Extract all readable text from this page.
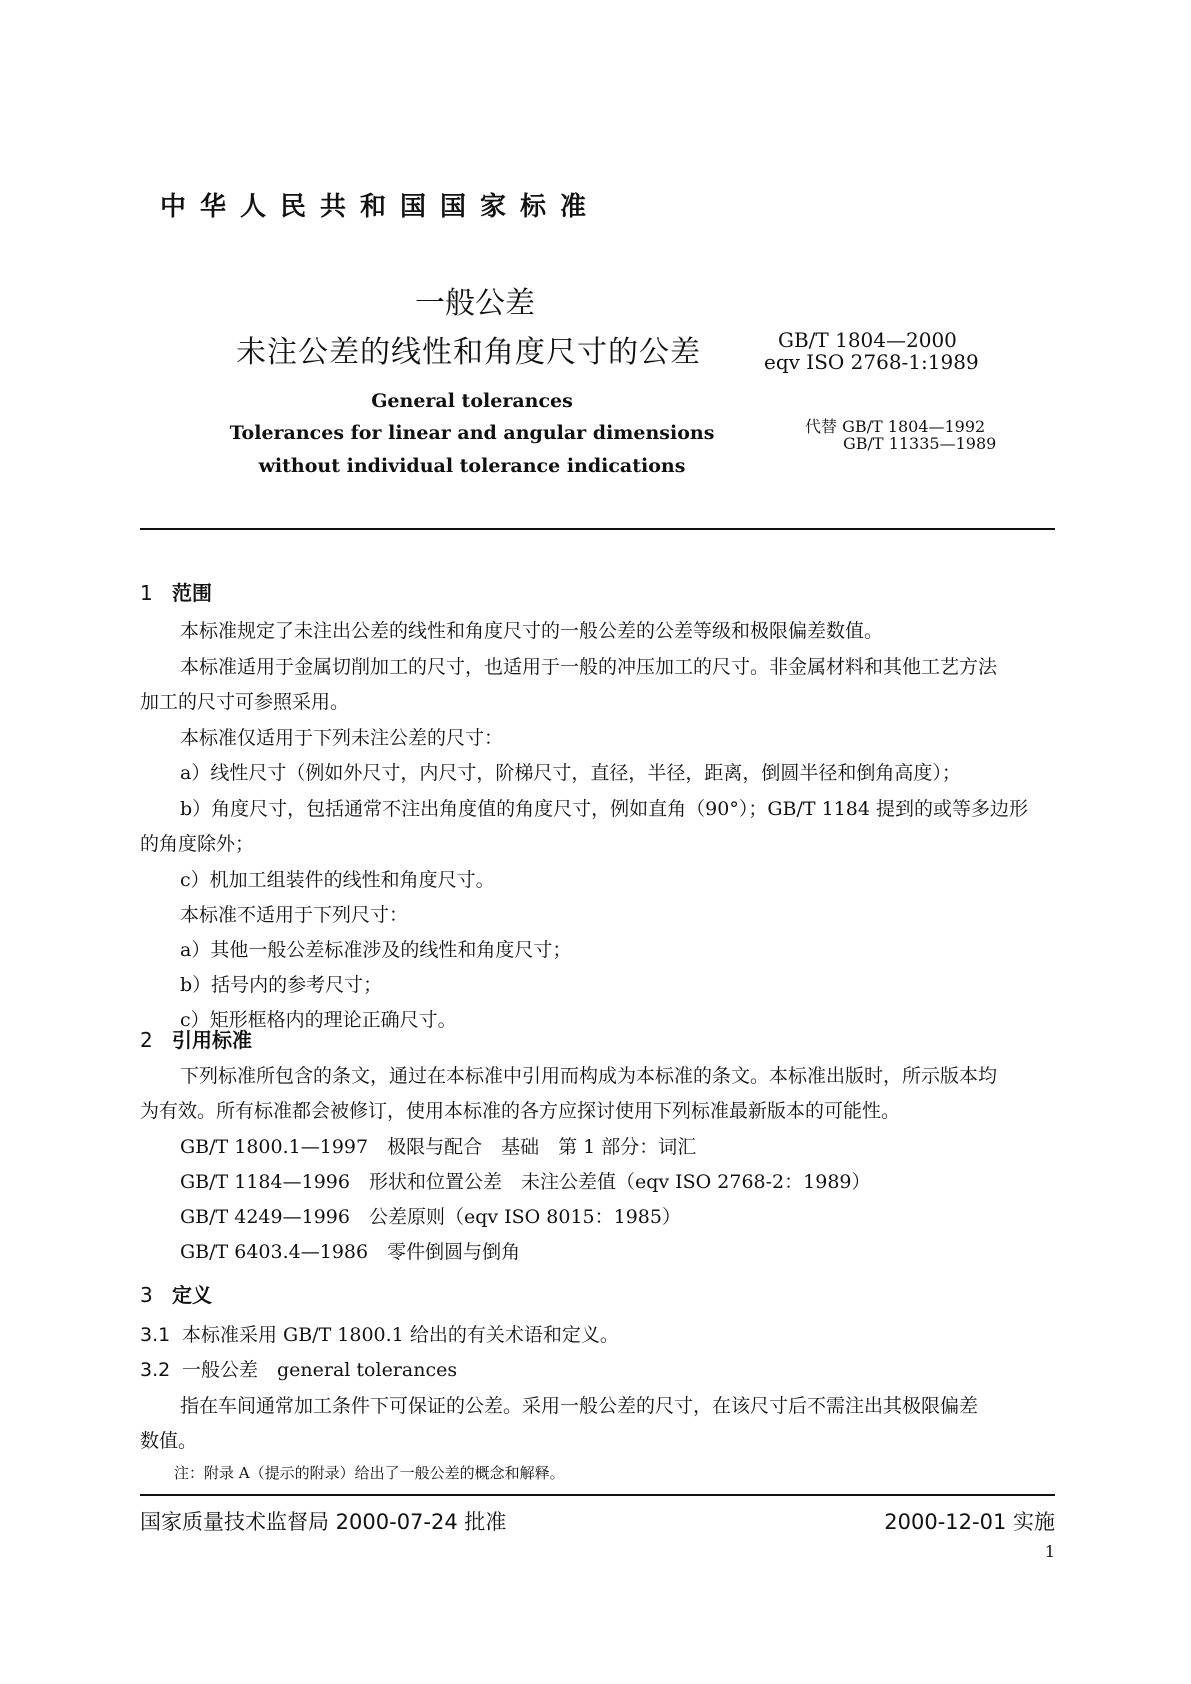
中华人民共和国国家标准
一般公差
未注公差的线性和角度尺寸的公差	GB/T 1804—2000
eqv ISO 2768-1:1989
General tolerances
Tolerances for linear and angular dimensions
without individual tolerance indications
代替 GB/T 1804—1992
GB/T 11335—1989
1 范围
本标准规定了未注出公差的线性和角度尺寸的一般公差的公差等级和极限偏差数值。
本标准适用于金属切削加工的尺寸，也适用于一般的冲压加工的尺寸。非金属材料和其他工艺方法
加工的尺寸可参照采用。
本标准仅适用于下列未注公差的尺寸：
a）线性尺寸（例如外尺寸，内尺寸，阶梯尺寸，直径，半径，距离，倒圆半径和倒角高度）；
b）角度尺寸，包括通常不注出角度值的角度尺寸，例如直角（90°）；GB/T 1184 提到的或等多边形
的角度除外；
c）机加工组装件的线性和角度尺寸。
本标准不适用于下列尺寸：
a）其他一般公差标准涉及的线性和角度尺寸；
b）括号内的参考尺寸；
c）矩形框格内的理论正确尺寸。
2 引用标准
下列标准所包含的条文，通过在本标准中引用而构成为本标准的条文。本标准出版时，所示版本均
为有效。所有标准都会被修订，使用本标准的各方应探讨使用下列标准最新版本的可能性。
GB/T 1800.1—1997　极限与配合　基础　第 1 部分：词汇
GB/T 1184—1996　形状和位置公差　未注公差值（eqv ISO 2768-2：1989）
GB/T 4249—1996　公差原则（eqv ISO 8015：1985）
GB/T 6403.4—1986　零件倒圆与倒角
3 定义
3.1 本标准采用 GB/T 1800.1 给出的有关术语和定义。
3.2 一般公差　general tolerances
指在车间通常加工条件下可保证的公差。采用一般公差的尺寸，在该尺寸后不需注出其极限偏差
数值。
注：附录 A（提示的附录）给出了一般公差的概念和解释。
国家质量技术监督局 2000-07-24 批准	2000-12-01 实施
1
